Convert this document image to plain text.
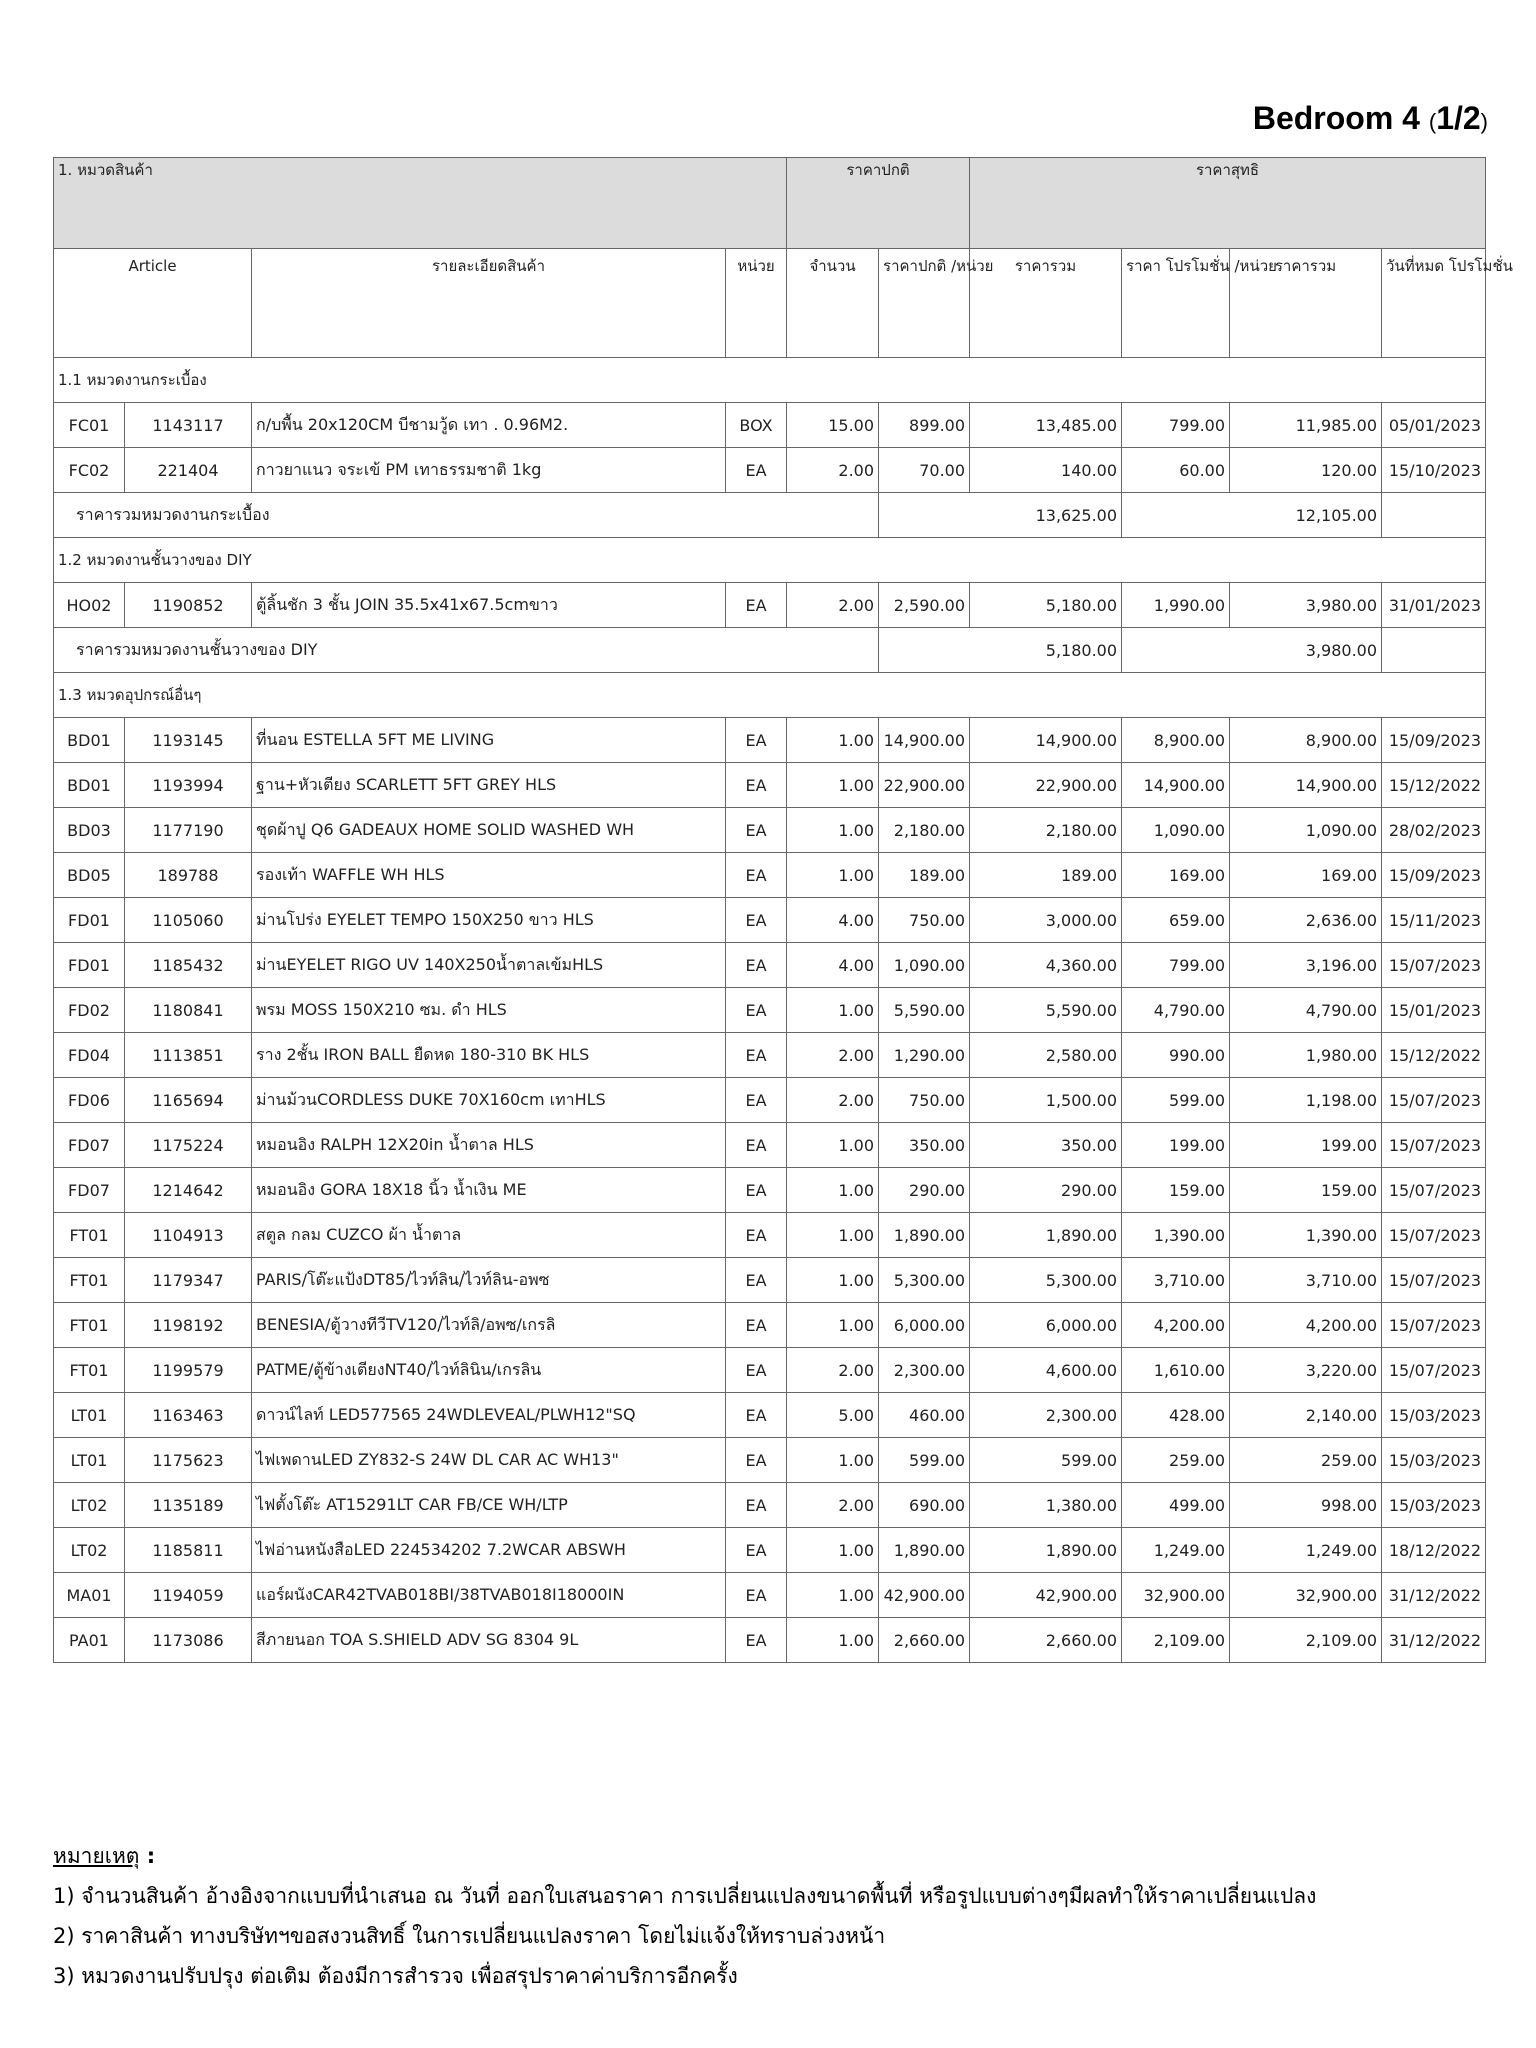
Bedroom 4 (1/2)
1. หมวดสินค้า				ราคาปกติ		ราคาสุทธิ			
Article		รายละเอียดสินค้า	หน่วย	จำนวน	ราคาปกติ /หน่วย	ราคารวม	ราคา โปรโมชั่น /หน่วย	ราคารวม	วันที่หมด โปรโมชั่น
1.1 หมวดงานกระเบื้อง									
FC01	1143117	ก/บพื้น 20x120CM บีชามวู้ด เทา . 0.96M2.	BOX	15.00	899.00	13,485.00	799.00	11,985.00	05/01/2023
FC02	221404	กาวยาแนว จระเข้ PM เทาธรรมชาติ 1kg	EA	2.00	70.00	140.00	60.00	120.00	15/10/2023
ราคารวมหมวดงานกระเบื้อง					13,625.00		12,105.00		
1.2 หมวดงานชั้นวางของ DIY									
HO02	1190852	ตู้ลิ้นชัก 3 ชั้น JOIN 35.5x41x67.5cmขาว	EA	2.00	2,590.00	5,180.00	1,990.00	3,980.00	31/01/2023
ราคารวมหมวดงานชั้นวางของ DIY					5,180.00		3,980.00		
1.3 หมวดอุปกรณ์อื่นๆ									
BD01	1193145	ที่นอน ESTELLA 5FT ME LIVING	EA	1.00	14,900.00	14,900.00	8,900.00	8,900.00	15/09/2023
BD01	1193994	ฐาน+หัวเตียง SCARLETT 5FT GREY HLS	EA	1.00	22,900.00	22,900.00	14,900.00	14,900.00	15/12/2022
BD03	1177190	ชุดผ้าปู Q6 GADEAUX HOME SOLID WASHED WH	EA	1.00	2,180.00	2,180.00	1,090.00	1,090.00	28/02/2023
BD05	189788	รองเท้า WAFFLE WH HLS	EA	1.00	189.00	189.00	169.00	169.00	15/09/2023
FD01	1105060	ม่านโปร่ง EYELET TEMPO 150X250 ขาว HLS	EA	4.00	750.00	3,000.00	659.00	2,636.00	15/11/2023
FD01	1185432	ม่านEYELET RIGO UV 140X250น้ำตาลเข้มHLS	EA	4.00	1,090.00	4,360.00	799.00	3,196.00	15/07/2023
FD02	1180841	พรม MOSS 150X210 ซม. ดำ HLS	EA	1.00	5,590.00	5,590.00	4,790.00	4,790.00	15/01/2023
FD04	1113851	ราง 2ชั้น IRON BALL ยืดหด 180-310 BK HLS	EA	2.00	1,290.00	2,580.00	990.00	1,980.00	15/12/2022
FD06	1165694	ม่านม้วนCORDLESS DUKE 70X160cm เทาHLS	EA	2.00	750.00	1,500.00	599.00	1,198.00	15/07/2023
FD07	1175224	หมอนอิง RALPH 12X20in น้ำตาล HLS	EA	1.00	350.00	350.00	199.00	199.00	15/07/2023
FD07	1214642	หมอนอิง GORA 18X18 นิ้ว น้ำเงิน ME	EA	1.00	290.00	290.00	159.00	159.00	15/07/2023
FT01	1104913	สตูล กลม CUZCO ผ้า น้ำตาล	EA	1.00	1,890.00	1,890.00	1,390.00	1,390.00	15/07/2023
FT01	1179347	PARIS/โต๊ะแป้งDT85/ไวท์ลิน/ไวท์ลิน-อพซ	EA	1.00	5,300.00	5,300.00	3,710.00	3,710.00	15/07/2023
FT01	1198192	BENESIA/ตู้วางทีวีTV120/ไวท์ลิ/อพซ/เกรลิ	EA	1.00	6,000.00	6,000.00	4,200.00	4,200.00	15/07/2023
FT01	1199579	PATME/ตู้ข้างเตียงNT40/ไวท์ลินิน/เกรลิน	EA	2.00	2,300.00	4,600.00	1,610.00	3,220.00	15/07/2023
LT01	1163463	ดาวน์ไลท์ LED577565 24WDLEVEAL/PLWH12"SQ	EA	5.00	460.00	2,300.00	428.00	2,140.00	15/03/2023
LT01	1175623	ไฟเพดานLED ZY832-S 24W DL CAR AC WH13"	EA	1.00	599.00	599.00	259.00	259.00	15/03/2023
LT02	1135189	ไฟตั้งโต๊ะ AT15291LT CAR FB/CE WH/LTP	EA	2.00	690.00	1,380.00	499.00	998.00	15/03/2023
LT02	1185811	ไฟอ่านหนังสือLED 224534202 7.2WCAR ABSWH	EA	1.00	1,890.00	1,890.00	1,249.00	1,249.00	18/12/2022
MA01	1194059	แอร์ผนังCAR42TVAB018BI/38TVAB018I18000IN	EA	1.00	42,900.00	42,900.00	32,900.00	32,900.00	31/12/2022
PA01	1173086	สีภายนอก TOA S.SHIELD ADV SG 8304 9L	EA	1.00	2,660.00	2,660.00	2,109.00	2,109.00	31/12/2022
หมายเหตุ :
1) จำนวนสินค้า อ้างอิงจากแบบที่นำเสนอ ณ วันที่ ออกใบเสนอราคา การเปลี่ยนแปลงขนาดพื้นที่ หรือรูปแบบต่างๆมีผลทำให้ราคาเปลี่ยนแปลง
2) ราคาสินค้า ทางบริษัทฯขอสงวนสิทธิ์ ในการเปลี่ยนแปลงราคา โดยไม่แจ้งให้ทราบล่วงหน้า
3) หมวดงานปรับปรุง ต่อเติม ต้องมีการสำรวจ เพื่อสรุปราคาค่าบริการอีกครั้ง
